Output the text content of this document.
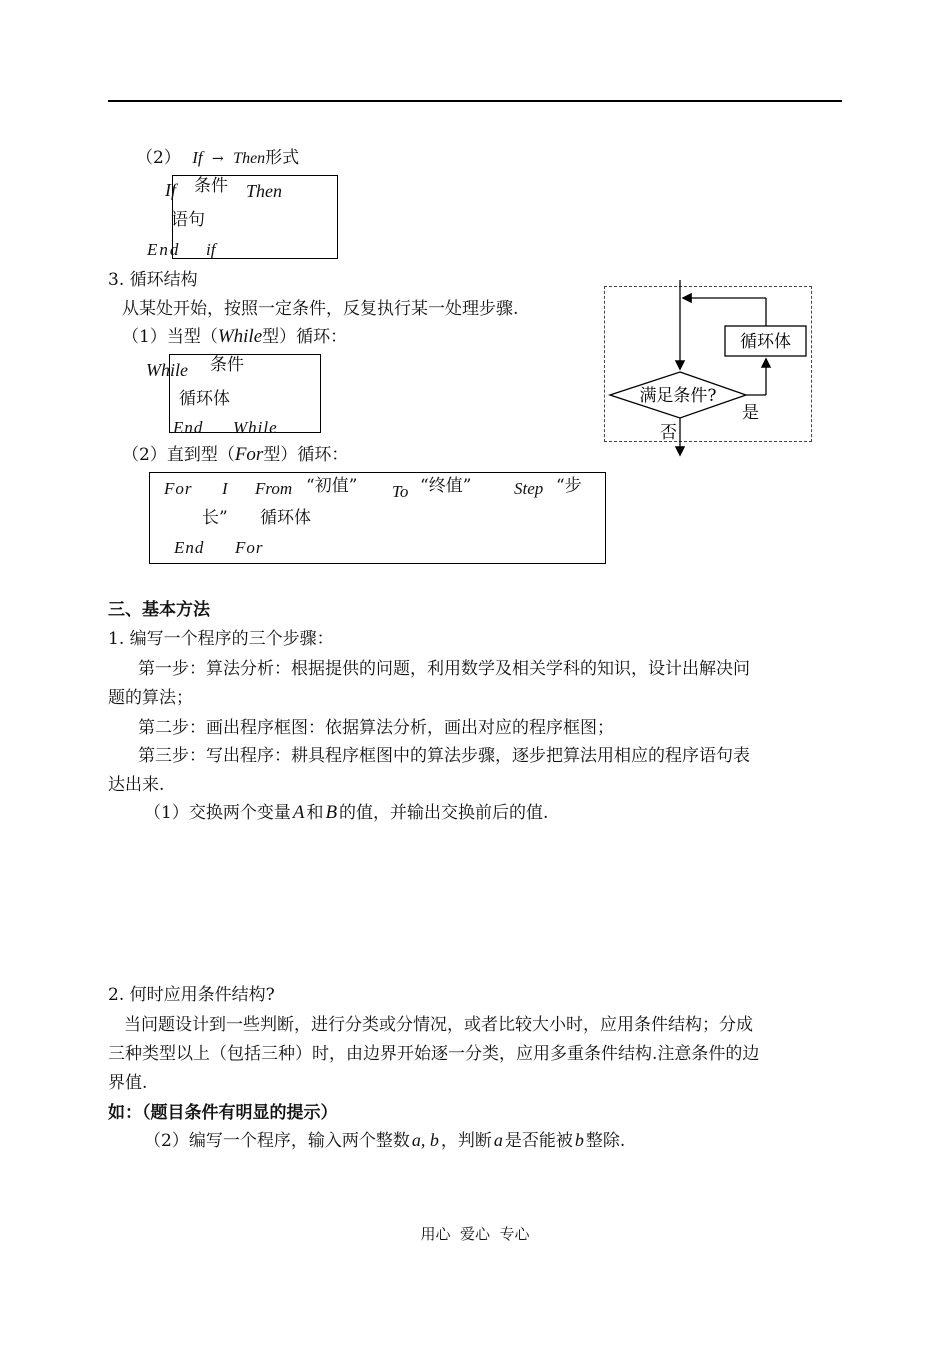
（2） If → Then形式
If 条件 Then
语句
End if
3. 循环结构
从某处开始，按照一定条件，反复执行某一处理步骤.
（1）当型（While型）循环：
While 条件
循环体
End While
（2）直到型（For型）循环：
For I From “初值” To “终值”	Step “步
长” 循环体
End For
循环体
满足条件?
是
否
三、基本方法
1. 编写一个程序的三个步骤：
第一步：算法分析：根据提供的问题，利用数学及相关学科的知识，设计出解决问
题的算法；
第二步：画出程序框图：依据算法分析，画出对应的程序框图；
第三步：写出程序：耕具程序框图中的算法步骤，逐步把算法用相应的程序语句表
达出来.
（1）交换两个变量 A 和 B 的值，并输出交换前后的值.
2. 何时应用条件结构?
当问题设计到一些判断，进行分类或分情况，或者比较大小时，应用条件结构；分成
三种类型以上（包括三种）时，由边界开始逐一分类，应用多重条件结构.注意条件的边
界值.
如：（题目条件有明显的提示）
（2）编写一个程序，输入两个整数 a, b ，判断 a 是否能被 b 整除.
用心  爱心  专心
